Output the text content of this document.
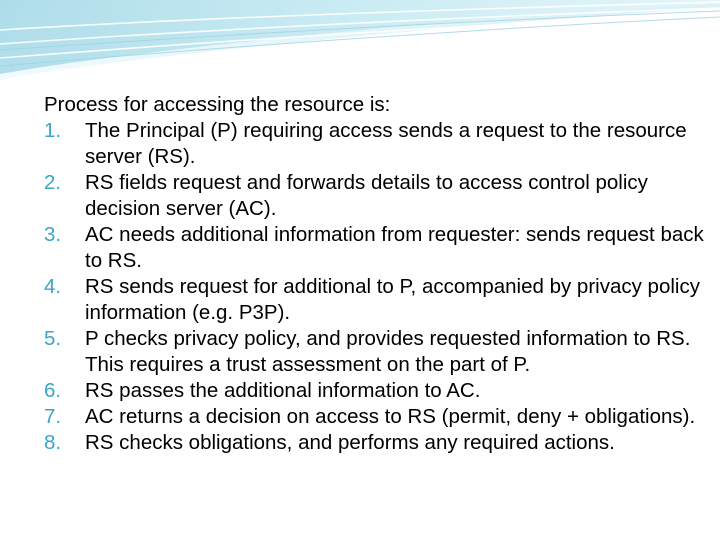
Process for accessing the resource is:

1. The Principal (P) requiring access sends a request to the resource server (RS).
2. RS fields request and forwards details to access control policy decision server (AC).
3. AC needs additional information from requester: sends request back to RS.
4. RS sends request for additional to P, accompanied by privacy policy information (e.g. P3P).
5. P checks privacy policy, and provides requested information to RS. This requires a trust assessment on the part of P.
6. RS passes the additional information to AC.
7. AC returns a decision on access to RS (permit, deny + obligations).
8. RS checks obligations, and performs any required actions.
